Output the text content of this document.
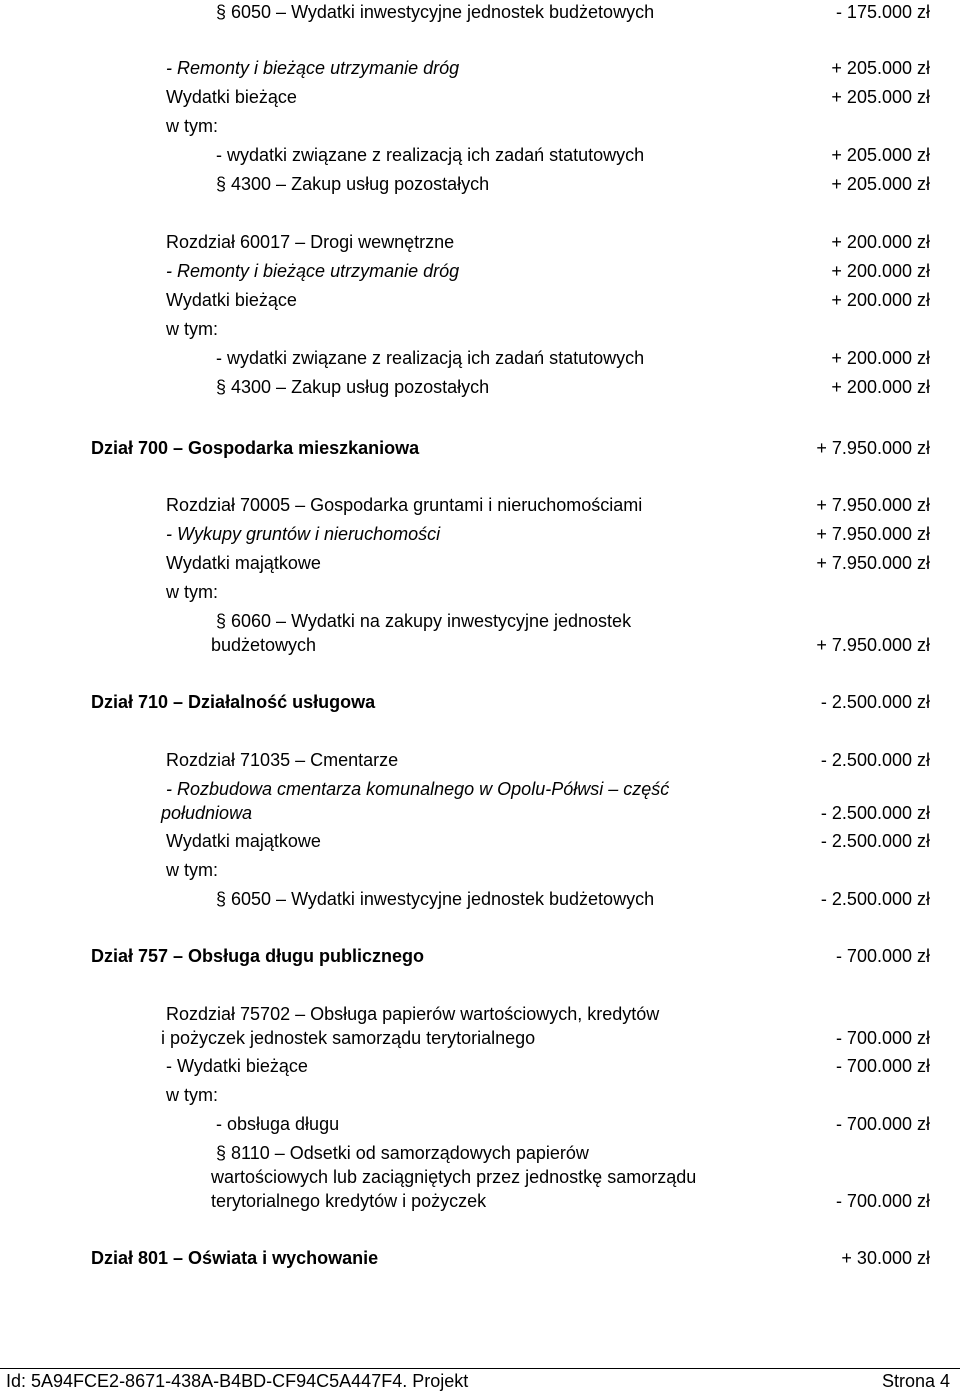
§ 6050 – Wydatki inwestycyjne jednostek budżetowych	- 175.000 zł
- Remonty i bieżące utrzymanie dróg	+ 205.000 zł
Wydatki bieżące	+ 205.000 zł
w tym:
- wydatki związane z realizacją ich zadań statutowych	+ 205.000 zł
§ 4300 – Zakup usług pozostałych	+ 205.000 zł
Rozdział 60017 – Drogi wewnętrzne	+ 200.000 zł
- Remonty i bieżące utrzymanie dróg	+ 200.000 zł
Wydatki bieżące	+ 200.000 zł
w tym:
- wydatki związane z realizacją ich zadań statutowych	+ 200.000 zł
§ 4300 – Zakup usług pozostałych	+ 200.000 zł
Dział 700 – Gospodarka mieszkaniowa	+ 7.950.000 zł
Rozdział 70005 – Gospodarka gruntami i nieruchomościami	+ 7.950.000 zł
- Wykupy gruntów i nieruchomości	+ 7.950.000 zł
Wydatki majątkowe	+ 7.950.000 zł
w tym:
§ 6060 – Wydatki na zakupy inwestycyjne jednostek
budżetowych	+ 7.950.000 zł
Dział 710 – Działalność usługowa	- 2.500.000 zł
Rozdział 71035 – Cmentarze	- 2.500.000 zł
- Rozbudowa cmentarza komunalnego w Opolu-Półwsi – część
południowa	- 2.500.000 zł
Wydatki majątkowe	- 2.500.000 zł
w tym:
§ 6050 – Wydatki inwestycyjne jednostek budżetowych	- 2.500.000 zł
Dział 757 – Obsługa długu publicznego	- 700.000 zł
Rozdział 75702 – Obsługa papierów wartościowych, kredytów
i pożyczek jednostek samorządu terytorialnego	- 700.000 zł
- Wydatki bieżące	- 700.000 zł
w tym:
- obsługa długu	- 700.000 zł
§ 8110 – Odsetki od samorządowych papierów
wartościowych lub zaciągniętych przez jednostkę samorządu
terytorialnego kredytów i pożyczek	- 700.000 zł
Dział 801 – Oświata i wychowanie	+ 30.000 zł
Id: 5A94FCE2-8671-438A-B4BD-CF94C5A447F4. Projekt	Strona 4
